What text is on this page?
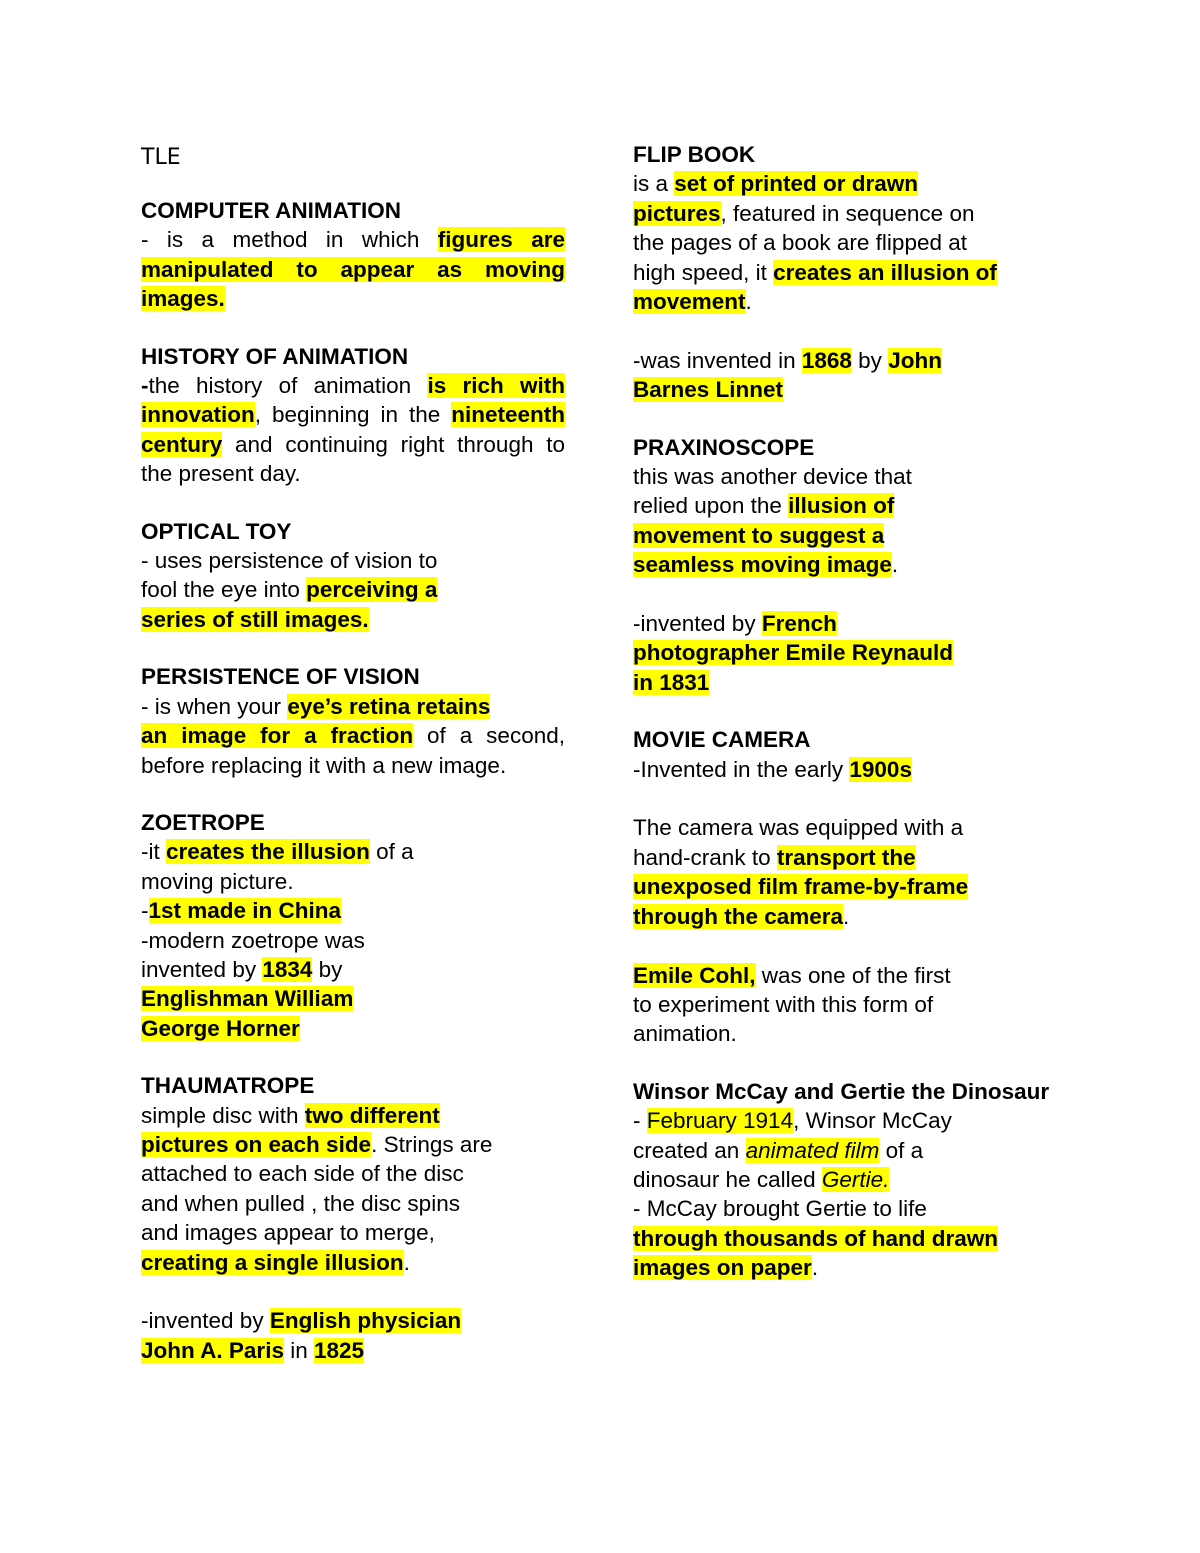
TLE
COMPUTER ANIMATION

- is a method in which figures are manipulated to appear as moving images.

HISTORY OF ANIMATION

-the history of animation is rich with innovation, beginning in the nineteenth century and continuing right through to the present day.

OPTICAL TOY

- uses persistence of vision to

fool the eye into perceiving a

series of still images.

PERSISTENCE OF VISION

- is when your eye’s retina retains

an image for a fraction of a second,

before replacing it with a new image.

ZOETROPE

-it creates the illusion of a

moving picture.

-1st made in China

-modern zoetrope was

invented by 1834 by

Englishman William

George Horner

THAUMATROPE

simple disc with two different

pictures on each side. Strings are

attached to each side of the disc

and when pulled , the disc spins

and images appear to merge,

creating a single illusion.

-invented by English physician

John A. Paris in 1825

FLIP BOOK

is a set of printed or drawn

pictures, featured in sequence on

the pages of a book are flipped at

high speed, it creates an illusion of

movement.

-was invented in 1868 by John

Barnes Linnet

PRAXINOSCOPE

this was another device that

relied upon the illusion of

movement to suggest a

seamless moving image.

-invented by French

photographer Emile Reynauld

in 1831

MOVIE CAMERA

-Invented in the early 1900s

The camera was equipped with a

hand-crank to transport the

unexposed film frame-by-frame

through the camera.

Emile Cohl, was one of the first

to experiment with this form of

animation.

Winsor McCay and Gertie the Dinosaur

- February 1914, Winsor McCay

created an animated film of a

dinosaur he called Gertie.

- McCay brought Gertie to life

through thousands of hand drawn

images on paper.
